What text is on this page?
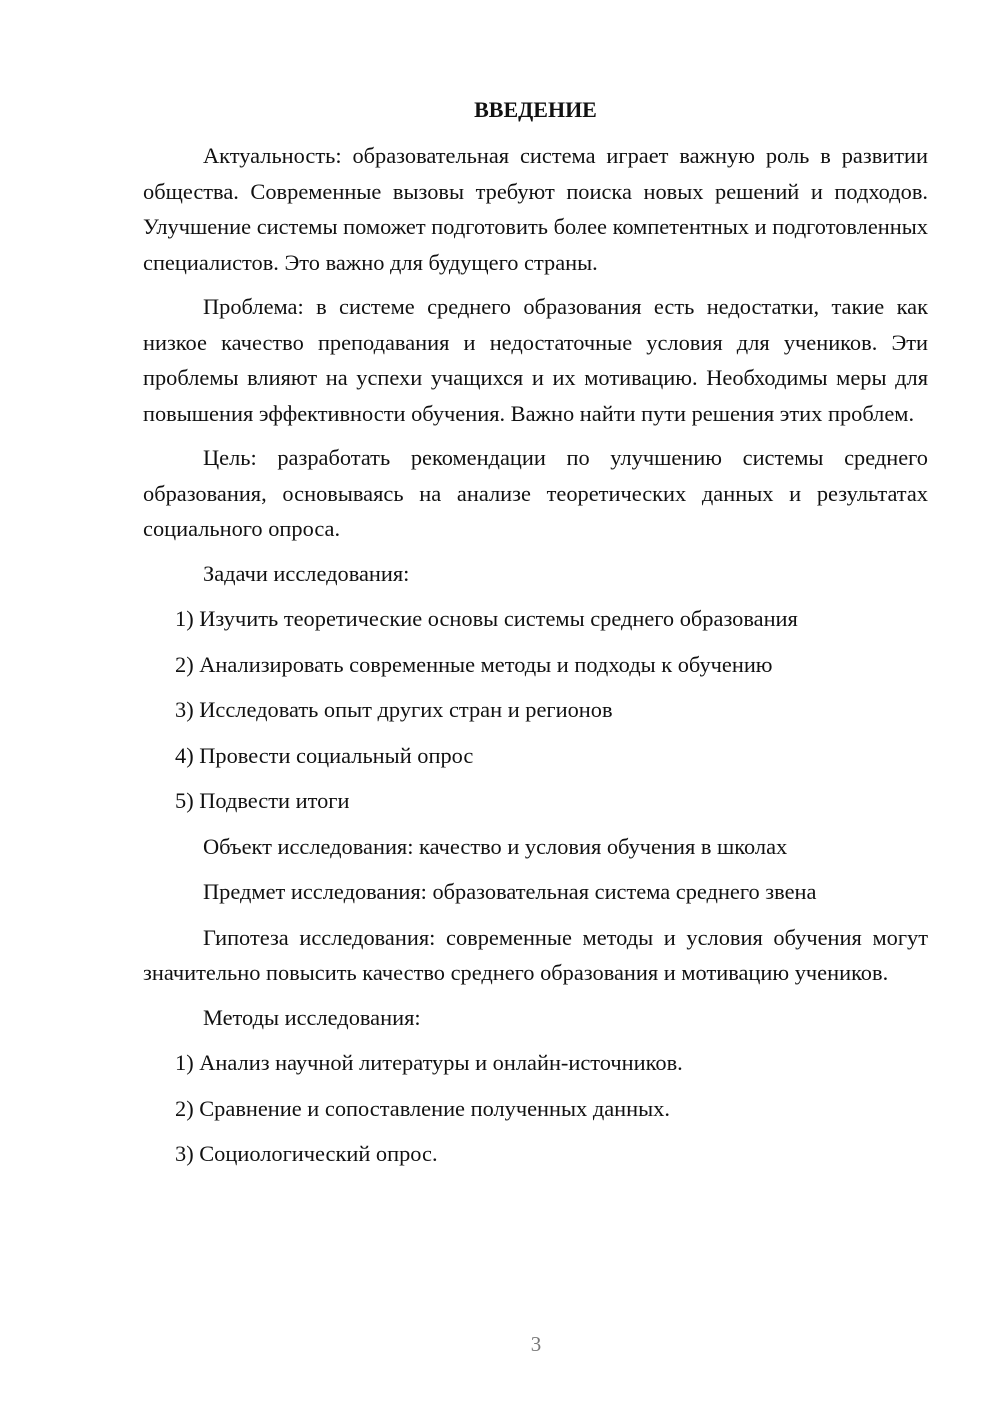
ВВЕДЕНИЕ

Актуальность: образовательная система играет важную роль в развитии общества. Современные вызовы требуют поиска новых решений и подходов. Улучшение системы поможет подготовить более компетентных и подготовленных специалистов. Это важно для будущего страны.

Проблема: в системе среднего образования есть недостатки, такие как низкое качество преподавания и недостаточные условия для учеников. Эти проблемы влияют на успехи учащихся и их мотивацию. Необходимы меры для повышения эффективности обучения. Важно найти пути решения этих проблем.

Цель: разработать рекомендации по улучшению системы среднего образования, основываясь на анализе теоретических данных и результатах социального опроса.

Задачи исследования:

1) Изучить теоретические основы системы среднего образования

2) Анализировать современные методы и подходы к обучению

3) Исследовать опыт других стран и регионов

4) Провести социальный опрос

5) Подвести итоги

Объект исследования: качество и условия обучения в школах

Предмет исследования: образовательная система среднего звена

Гипотеза исследования: современные методы и условия обучения могут значительно повысить качество среднего образования и мотивацию учеников.

Методы исследования:

1) Анализ научной литературы и онлайн-источников.

2) Сравнение и сопоставление полученных данных.

3) Социологический опрос.

3
